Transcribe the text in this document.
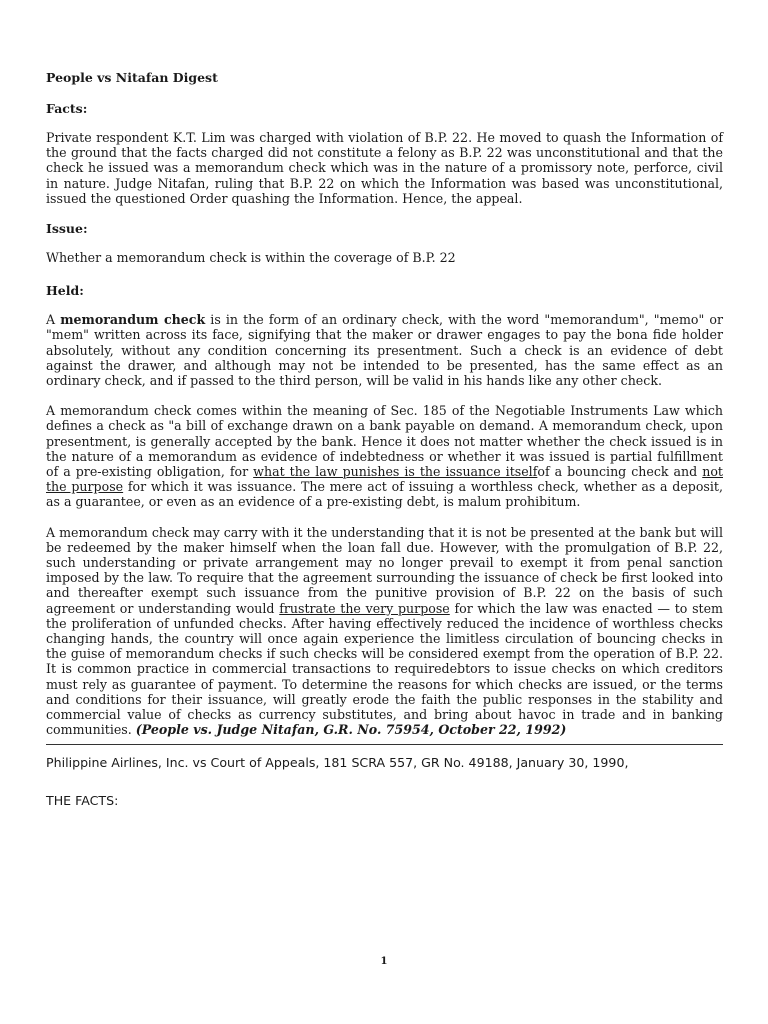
People vs Nitafan Digest
Facts:
Private respondent K.T. Lim was charged with violation of B.P. 22. He moved to quash the Information of the ground that the facts charged did not constitute a felony as B.P. 22 was unconstitutional and that the check he issued was a memorandum check which was in the nature of a promissory note, perforce, civil in nature. Judge Nitafan, ruling that B.P. 22 on which the Information was based was unconstitutional, issued the questioned Order quashing the Information. Hence, the appeal.
Issue:
Whether a memorandum check is within the coverage of B.P. 22
Held:
A memorandum check is in the form of an ordinary check, with the word "memorandum", "memo" or "mem" written across its face, signifying that the maker or drawer engages to pay the bona fide holder absolutely, without any condition concerning its presentment. Such a check is an evidence of debt against the drawer, and although may not be intended to be presented, has the same effect as an ordinary check, and if passed to the third person, will be valid in his hands like any other check.
A memorandum check comes within the meaning of Sec. 185 of the Negotiable Instruments Law which defines a check as "a bill of exchange drawn on a bank payable on demand. A memorandum check, upon presentment, is generally accepted by the bank. Hence it does not matter whether the check issued is in the nature of a memorandum as evidence of indebtedness or whether it was issued is partial fulfillment of a pre-existing obligation, for what the law punishes is the issuance itselfof a bouncing check and not the purpose for which it was issuance. The mere act of issuing a worthless check, whether as a deposit, as a guarantee, or even as an evidence of a pre-existing debt, is malum prohibitum.
A memorandum check may carry with it the understanding that it is not be presented at the bank but will be redeemed by the maker himself when the loan fall due. However, with the promulgation of B.P. 22, such understanding or private arrangement may no longer prevail to exempt it from penal sanction imposed by the law. To require that the agreement surrounding the issuance of check be first looked into and thereafter exempt such issuance from the punitive provision of B.P. 22 on the basis of such agreement or understanding would frustrate the very purpose for which the law was enacted — to stem the proliferation of unfunded checks. After having effectively reduced the incidence of worthless checks changing hands, the country will once again experience the limitless circulation of bouncing checks in the guise of memorandum checks if such checks will be considered exempt from the operation of B.P. 22. It is common practice in commercial transactions to requiredebtors to issue checks on which creditors must rely as guarantee of payment. To determine the reasons for which checks are issued, or the terms and conditions for their issuance, will greatly erode the faith the public responses in the stability and commercial value of checks as currency substitutes, and bring about havoc in trade and in banking communities. (People vs. Judge Nitafan, G.R. No. 75954, October 22, 1992)
Philippine Airlines, Inc. vs Court of Appeals, 181 SCRA 557, GR No. 49188, January 30, 1990,
THE FACTS:
1
